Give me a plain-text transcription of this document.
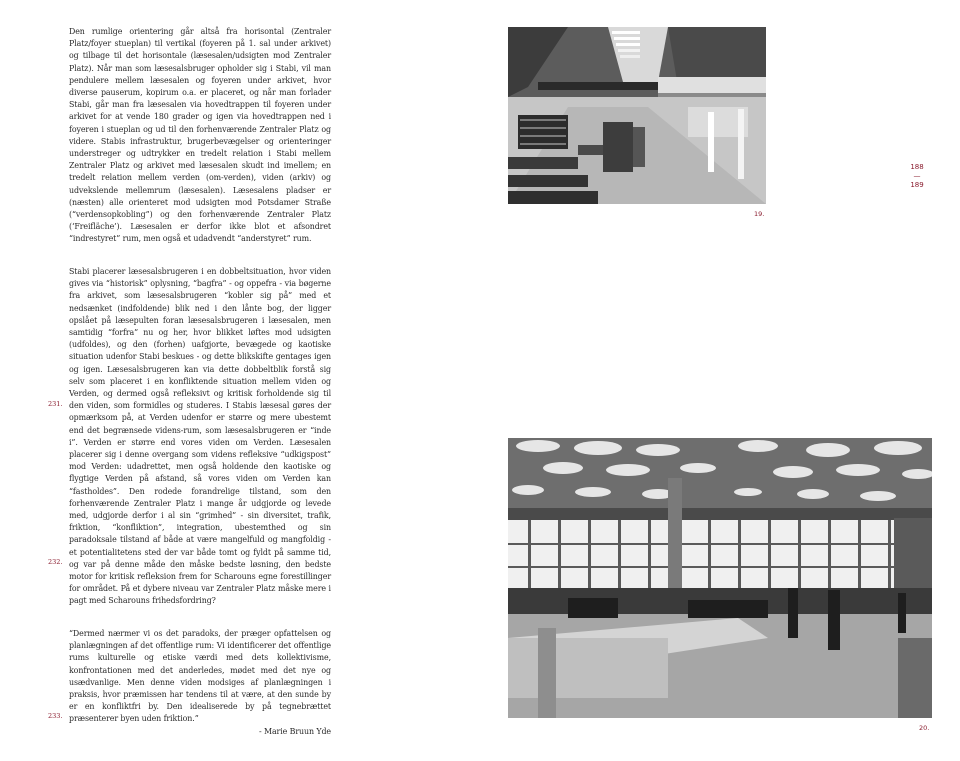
Den rumlige orientering går altså fra horisontal (Zentraler Platz/foyer stueplan) til vertikal (foyeren på 1. sal under arkivet) og tilbage til det horisontale (læsesalen/udsigten mod Zentraler Platz). Når man som læsesalsbruger opholder sig i Stabi, vil man pendulere mellem læsesalen og foyeren under arkivet, hvor diverse pauserum, kopirum o.a. er placeret, og når man forlader Stabi, går man fra læsesalen via hovedtrappen til foyeren under arkivet for at vende 180 grader og igen via hovedtrappen ned i foyeren i stueplan og ud til den forhenværende Zentraler Platz og videre. Stabis infrastruktur, brugerbevægelser og orienteringer understreger og udtrykker en tredelt relation i Stabi mellem Zentraler Platz og arkivet med læsesalen skudt ind imellem; en tredelt relation mellem verden (om-verden), viden (arkiv) og udvekslende mellemrum (læsesalen). Læsesalens pladser er (næsten) alle orienteret mod udsigten mod Potsdamer Straße (“verdensopkobling”) og den forhenværende Zentraler Platz (‘Freifläche’). Læsesalen er derfor ikke blot et afsondret “indrestyret” rum, men også et udadvendt “anderstyret” rum.

Stabi placerer læsesalsbrugeren i en dobbeltsituation, hvor viden gives via “historisk” oplysning, “bagfra” - og oppefra - via bøgerne fra arkivet, som læsesalsbrugeren “kobler sig på” med et nedsænket (indfoldende) blik ned i den lånte bog, der ligger opslået på læsepulten foran læsesalsbrugeren i læsesalen, men samtidig “forfra” nu og her, hvor blikket løftes mod udsigten (udfoldes), og den (forhen) uafgjorte, bevægede og kaotiske situation udenfor Stabi beskues - og dette blikskifte gentages igen og igen. Læsesalsbrugeren kan via dette dobbeltblik forstå sig selv som placeret i en konfliktende situation mellem viden og Verden, og dermed også refleksivt og kritisk forholdende sig til den viden, som formidles og studeres. I Stabis læsesal gøres der opmærksom på, at Verden udenfor er større og mere ubestemt end det begrænsede videns-rum, som læsesalsbrugeren er “inde i”. Verden er større end vores viden om Verden. Læsesalen placerer sig i denne overgang som videns refleksive “udkigspost” mod Verden: udadrettet, men også holdende den kaotiske og flygtige Verden på afstand, så vores viden om Verden kan “fastholdes”. Den rodede forandrelige tilstand, som den forhenværende Zentraler Platz i mange år udgjorde og levede med, udgjorde derfor i al sin “grimhed” - sin diversitet, trafik, friktion, “konfliktion”, integration, ubestemthed og sin paradoksale tilstand af både at være mangelfuld og mangfoldig - et potentialitetens sted der var både tomt og fyldt på samme tid, og var på denne måde den måske bedste løsning, den bedste motor for kritisk refleksion frem for Scharouns egne forestillinger for området. På et dybere niveau var Zentraler Platz måske mere i pagt med Scharouns frihedsfordring?

“Dermed nærmer vi os det paradoks, der præger opfattelsen og planlægningen af det offentlige rum: Vi identificerer det offentlige rums kulturelle og etiske værdi med dets kollektivisme, konfrontationen med det anderledes, mødet med det nye og usædvanlige. Men denne viden modsiges af planlægningen i praksis, hvor præmissen har tendens til at være, at den sunde by er en konfliktfri by. Den idealiserede by på tegnebrættet præsenterer byen uden friktion.”

- Marie Bruun Yde

231.
232.
233.
188
—
189
19.
20.
